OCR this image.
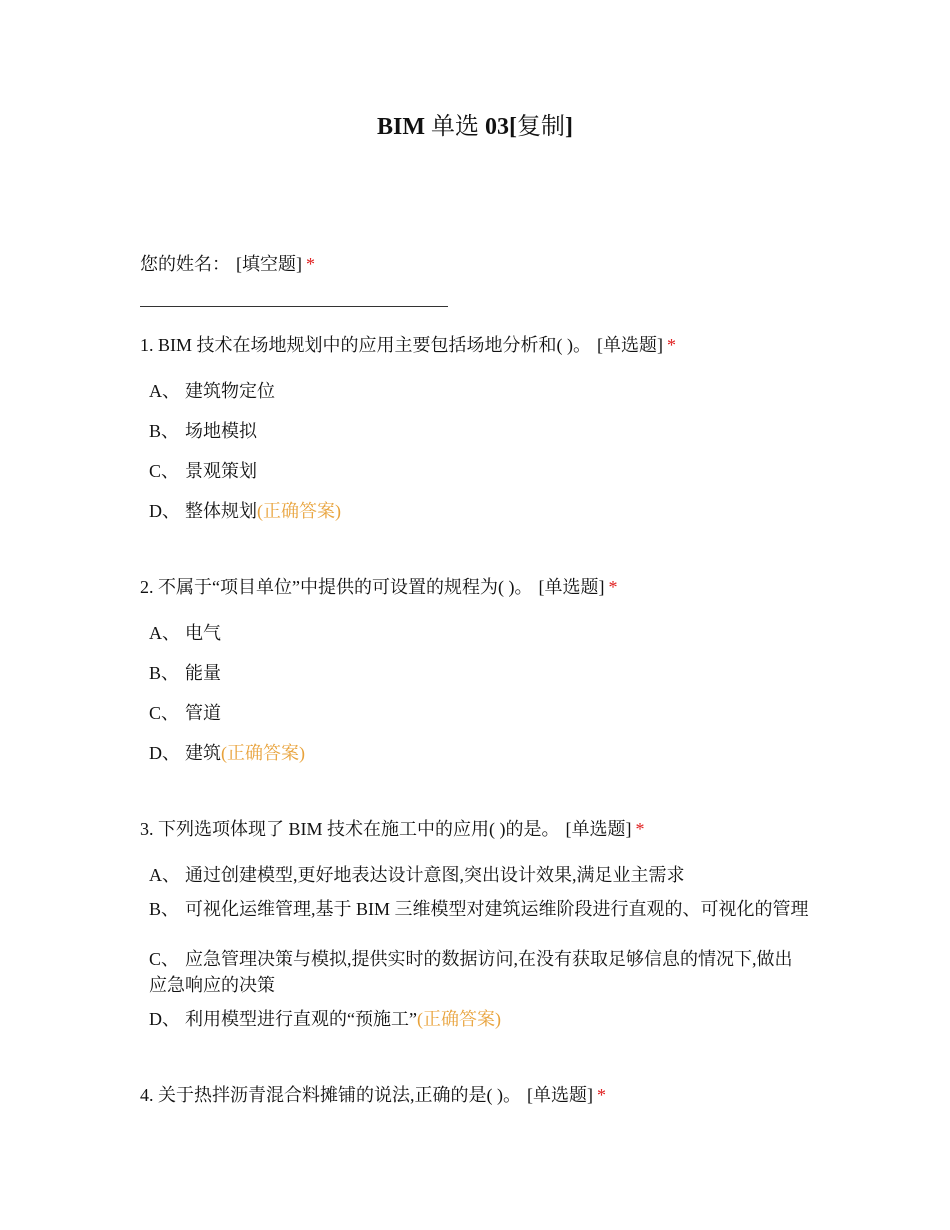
BIM 单选 03[复制]
您的姓名： [填空题] *
1. BIM 技术在场地规划中的应用主要包括场地分析和( )。 [单选题] *
A、 建筑物定位
B、 场地模拟
C、 景观策划
D、 整体规划(正确答案)
2. 不属于“项目单位”中提供的可设置的规程为( )。 [单选题] *
A、 电气
B、 能量
C、 管道
D、 建筑(正确答案)
3. 下列选项体现了 BIM 技术在施工中的应用( )的是。 [单选题] *
A、 通过创建模型,更好地表达设计意图,突出设计效果,满足业主需求
B、 可视化运维管理,基于 BIM 三维模型对建筑运维阶段进行直观的、可视化的管理
C、 应急管理决策与模拟,提供实时的数据访问,在没有获取足够信息的情况下,做出应急响应的决策
D、 利用模型进行直观的“预施工”(正确答案)
4. 关于热拌沥青混合料摊铺的说法,正确的是( )。 [单选题] *
